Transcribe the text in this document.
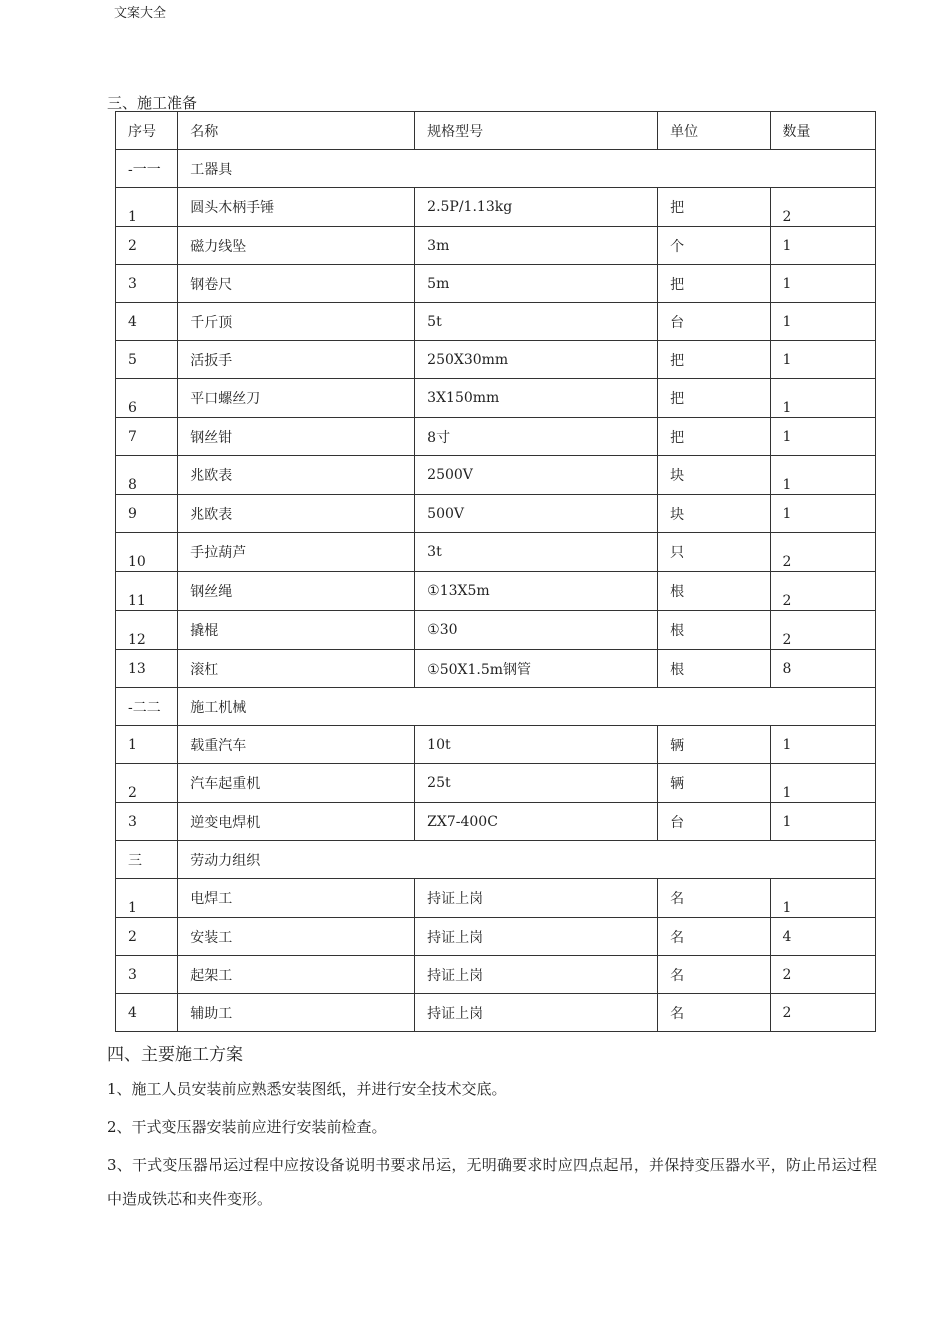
文案大全
三、施工准备
序号	名称	规格型号	单位	数量
-一一	工器具			
1	圆头木柄手锤	2.5P/1.13kg	把	2
2	磁力线坠	3m	个	1
3	钢卷尺	5m	把	1
4	千斤顶	5t	台	1
5	活扳手	250X30mm	把	1
6	平口螺丝刀	3X150mm	把	1
7	钢丝钳	8寸	把	1
8	兆欧表	2500V	块	1
9	兆欧表	500V	块	1
10	手拉葫芦	3t	只	2
11	钢丝绳	①13X5m	根	2
12	撬棍	①30	根	2
13	滚杠	①50X1.5m钢管	根	8
-二二	施工机械			
1	载重汽车	10t	辆	1
2	汽车起重机	25t	辆	1
3	逆变电焊机	ZX7-400C	台	1
三	劳动力组织			
1	电焊工	持证上岗	名	1
2	安装工	持证上岗	名	4
3	起架工	持证上岗	名	2
4	辅助工	持证上岗	名	2
四、主要施工方案
1、施工人员安装前应熟悉安装图纸，并进行安全技术交底。
2、干式变压器安装前应进行安装前检查。
3、干式变压器吊运过程中应按设备说明书要求吊运，无明确要求时应四点起吊，并保持变压器水平，防止吊运过程中造成铁芯和夹件变形。
